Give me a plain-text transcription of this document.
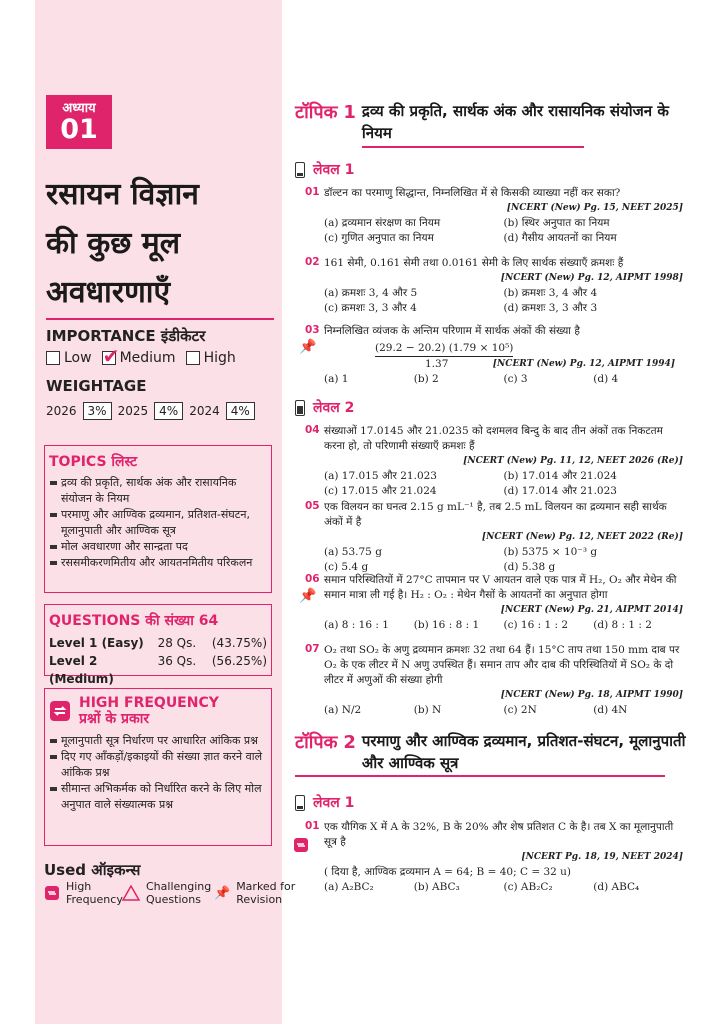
अध्याय
01
रसायन विज्ञान
की कुछ मूल
अवधारणाएँ
IMPORTANCE इंडीकेटर
Low
✔ Medium High
WEIGHTAGE
2026 3% 2025 4% 2024 4%
TOPICS लिस्ट
द्रव्य की प्रकृति, सार्थक अंक और रासायनिक संयोजन के नियम
परमाणु और आण्विक द्रव्यमान, प्रतिशत-संघटन, मूलानुपाती और आण्विक सूत्र
मोल अवधारणा और सान्द्रता पद
रससमीकरणमितीय और आयतनमितीय परिकलन
QUESTIONS की संख्या 64
Level 1 (Easy)	28 Qs.	(43.75%)
Level 2 (Medium)
36 Qs.	(56.25%)
HIGH FREQUENCY
प्रश्नों के प्रकार
मूलानुपाती सूत्र निर्धारण पर आधारित आंकिक प्रश्न
दिए गए आँकड़ों/इकाइयों की संख्या ज्ञात करने वाले आंकिक प्रश्न
सीमान्त अभिकर्मक को निर्धारित करने के लिए मोल अनुपात वाले संख्यात्मक प्रश्न
Used ऑइकन्स
High Frequency
Challenging Questions	📌 Marked for Revision
टॉपिक 1 द्रव्य की प्रकृति, सार्थक अंक और रासायनिक संयोजन के नियम
लेवल 1
01 डॉल्टन का परमाणु सिद्धान्त, निम्नलिखित में से किसकी व्याख्या नहीं कर सका?
[NCERT (New) Pg. 15, NEET 2025]
(a) द्रव्यमान संरक्षण का नियम	(b) स्थिर अनुपात का नियम
(c) गुणित अनुपात का नियम	(d) गैसीय आयतनों का नियम
02 161 सेमी, 0.161 सेमी तथा 0.0161 सेमी के लिए सार्थक संख्याएँ क्रमशः हैं
[NCERT (New) Pg. 12, AIPMT 1998]
(a) क्रमशः 3, 4 और 5	(b) क्रमशः 3, 4 और 4
(c) क्रमशः 3, 3 और 4	(d) क्रमशः 3, 3 और 3
📌
03 निम्नलिखित व्यंजक के अन्तिम परिणाम में सार्थक अंकों की संख्या है
(29.2 − 20.2) (1.79 × 10⁵)
1.37	[NCERT (New) Pg. 12, AIPMT 1994]
(a) 1	(b) 2	(c) 3	(d) 4
लेवल 2
04 संख्याओं 17.0145 और 21.0235 को दशमलव बिन्दु के बाद तीन अंकों तक निकटतम करना हो, तो परिणामी संख्याएँ क्रमशः हैं
[NCERT (New) Pg. 11, 12, NEET 2026 (Re)]
(a) 17.015 और 21.023	(b) 17.014 और 21.024
(c) 17.015 और 21.024	(d) 17.014 और 21.023
05 एक विलयन का घनत्व 2.15 g mL⁻¹ है, तब 2.5 mL विलयन का द्रव्यमान सही सार्थक अंकों में है
[NCERT (New) Pg. 12, NEET 2022 (Re)]
(a) 53.75 g	(b) 5375 × 10⁻³ g
(c) 5.4 g	(d) 5.38 g
📌
06 समान परिस्थितियों में 27°C तापमान पर V आयतन वाले एक पात्र में H₂, O₂ और मेथेन की समान मात्रा ली गई है। H₂ : O₂ : मेथेन गैसों के आयतनों का अनुपात होगा
[NCERT (New) Pg. 21, AIPMT 2014]
(a) 8 : 16 : 1	(b) 16 : 8 : 1	(c) 16 : 1 : 2	(d) 8 : 1 : 2
07 O₂ तथा SO₂ के अणु द्रव्यमान क्रमशः 32 तथा 64 हैं। 15°C ताप तथा 150 mm दाब पर O₂ के एक लीटर में N अणु उपस्थित हैं। समान ताप और दाब की परिस्थितियों में SO₂ के दो लीटर में अणुओं की संख्या होगी
[NCERT (New) Pg. 18, AIPMT 1990]
(a) N/2	(b) N	(c) 2N	(d) 4N
टॉपिक 2 परमाणु और आण्विक द्रव्यमान, प्रतिशत-संघटन, मूलानुपाती और आण्विक सूत्र
लेवल 1
01 एक यौगिक X में A के 32%, B के 20% और शेष प्रतिशत C के है। तब X का मूलानुपाती सूत्र है
[NCERT Pg. 18, 19, NEET 2024]
( दिया है, आण्विक द्रव्यमान A = 64; B = 40; C = 32 u)
(a) A₂BC₂	(b) ABC₃	(c) AB₂C₂	(d) ABC₄
